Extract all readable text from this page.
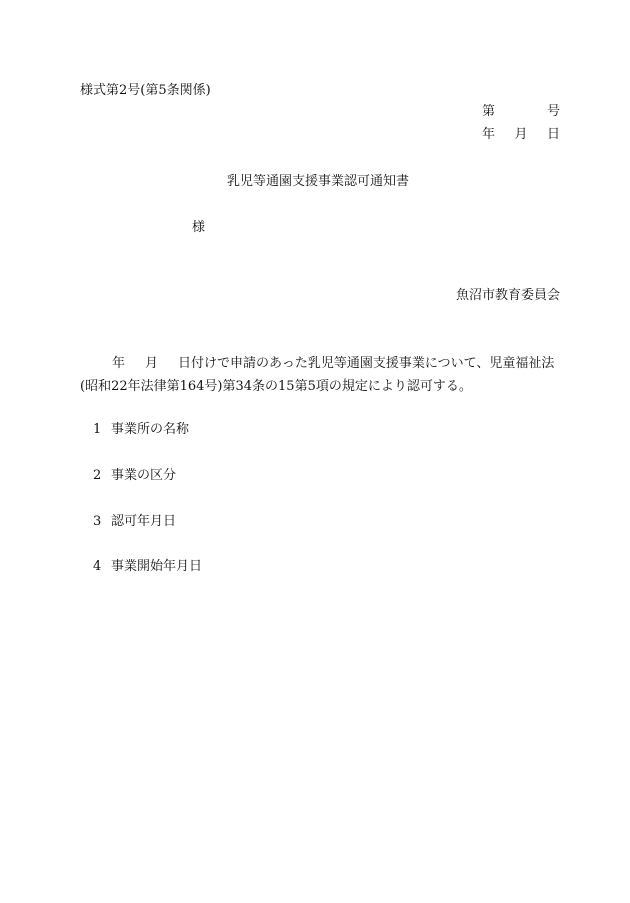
様式第2号(第5条関係)
第	号
年 月 日
乳児等通園支援事業認可通知書
様
魚沼市教育委員会
年 月 日付けで申請のあった乳児等通園支援事業について、児童福祉法
(昭和22年法律第164号)第34条の15第5項の規定により認可する。
1 事業所の名称
2 事業の区分
3 認可年月日
4 事業開始年月日
